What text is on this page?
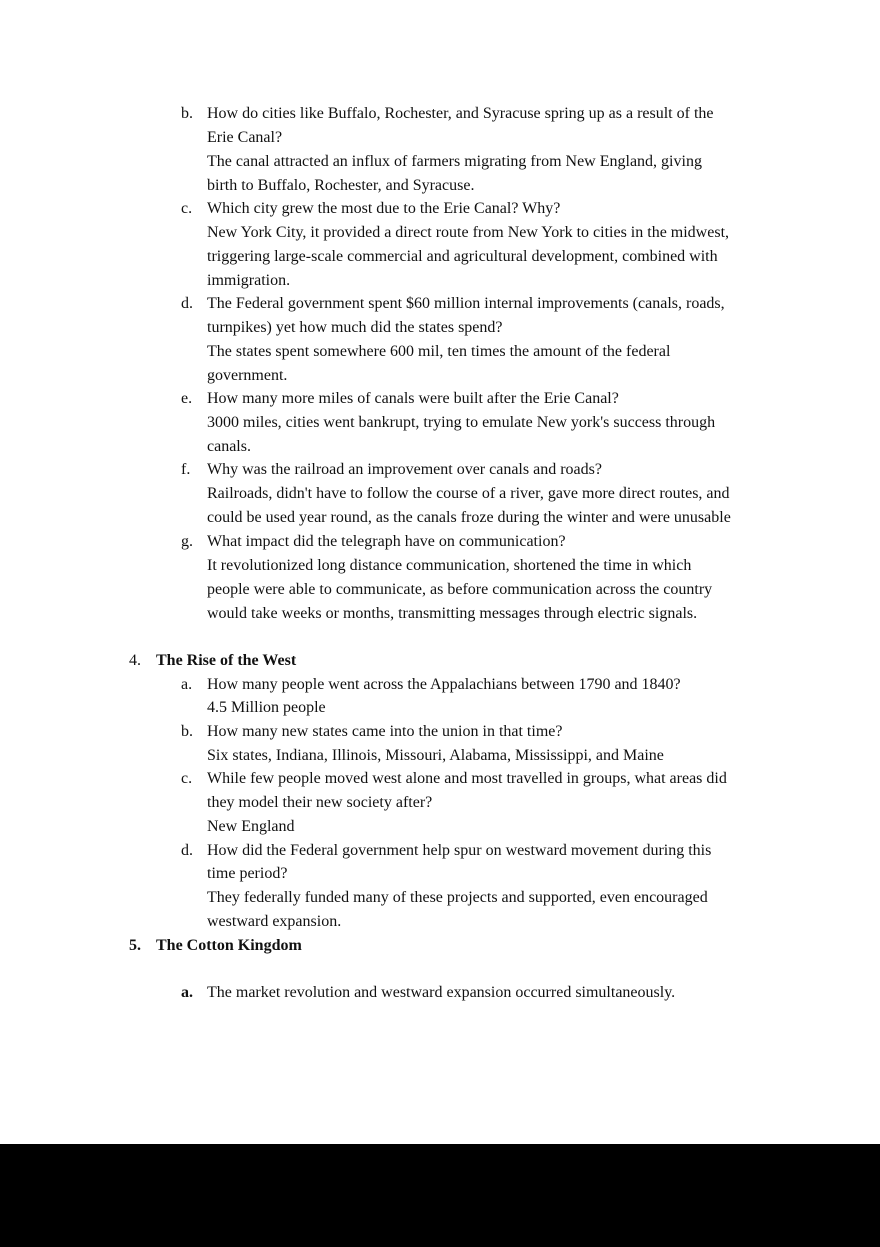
b. How do cities like Buffalo, Rochester, and Syracuse spring up as a result of the
Erie Canal?
The canal attracted an influx of farmers migrating from New England, giving
birth to Buffalo, Rochester, and Syracuse.
c. Which city grew the most due to the Erie Canal? Why?
New York City, it provided a direct route from New York to cities in the midwest,
triggering large-scale commercial and agricultural development, combined with
immigration.
d. The Federal government spent $60 million internal improvements (canals, roads,
turnpikes) yet how much did the states spend?
The states spent somewhere 600 mil, ten times the amount of the federal
government.
e. How many more miles of canals were built after the Erie Canal?
3000 miles, cities went bankrupt, trying to emulate New york's success through
canals.
f. Why was the railroad an improvement over canals and roads?
Railroads, didn't have to follow the course of a river, gave more direct routes, and
could be used year round, as the canals froze during the winter and were unusable
g. What impact did the telegraph have on communication?
It revolutionized long distance communication, shortened the time in which
people were able to communicate, as before communication across the country
would take weeks or months, transmitting messages through electric signals.
4. The Rise of the West
a. How many people went across the Appalachians between 1790 and 1840?
4.5 Million people
b. How many new states came into the union in that time?
Six states, Indiana, Illinois, Missouri, Alabama, Mississippi, and Maine
c. While few people moved west alone and most travelled in groups, what areas did
they model their new society after?
New England
d. How did the Federal government help spur on westward movement during this
time period?
They federally funded many of these projects and supported, even encouraged
westward expansion.
5. The Cotton Kingdom
a. The market revolution and westward expansion occurred simultaneously.
